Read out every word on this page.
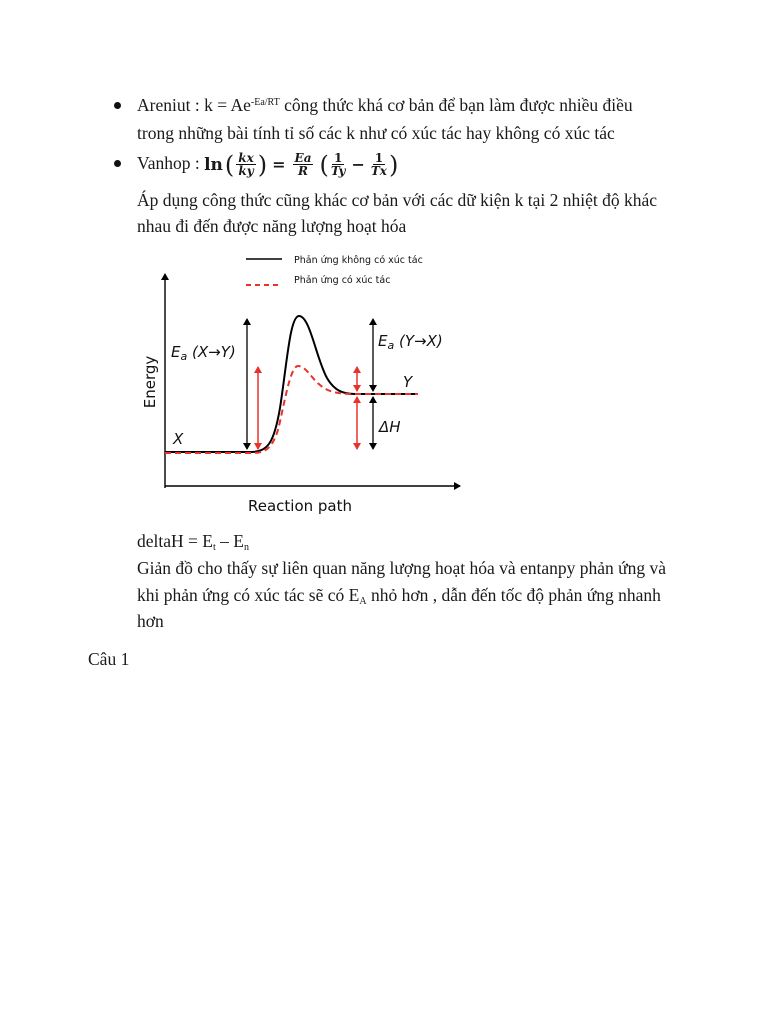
Areniut : $k = Ae^{-Ea/RT}$ công thức khá cơ bản để bạn làm được nhiều điều
trong những bài tính tỉ số các k như có xúc tác hay không có xúc tác
Vanhop : ln ( $\frac{kx}{ky}$ ) = $\frac{Ea}{R}$ ( $\frac{1}{Ty} - \frac{1}{Tx}$ )
Áp dụng công thức cũng khác cơ bản với các dữ kiện k tại 2 nhiệt độ khác
nhau đi đến được năng lượng hoạt hóa
Phản ứng không có xúc tác
Phản ứng có xúc tác
Energy
Reaction path
$E_a$ (X→Y)
$E_a$ (Y→X)
X
Y
ΔH
deltaH = $E_t - E_n$
Giản đồ cho thấy sự liên quan năng lượng hoạt hóa và entanpy phản ứng và
khi phản ứng có xúc tác sẽ có $E_A$ nhỏ hơn , dẫn đến tốc độ phản ứng nhanh
hơn
Câu 1
